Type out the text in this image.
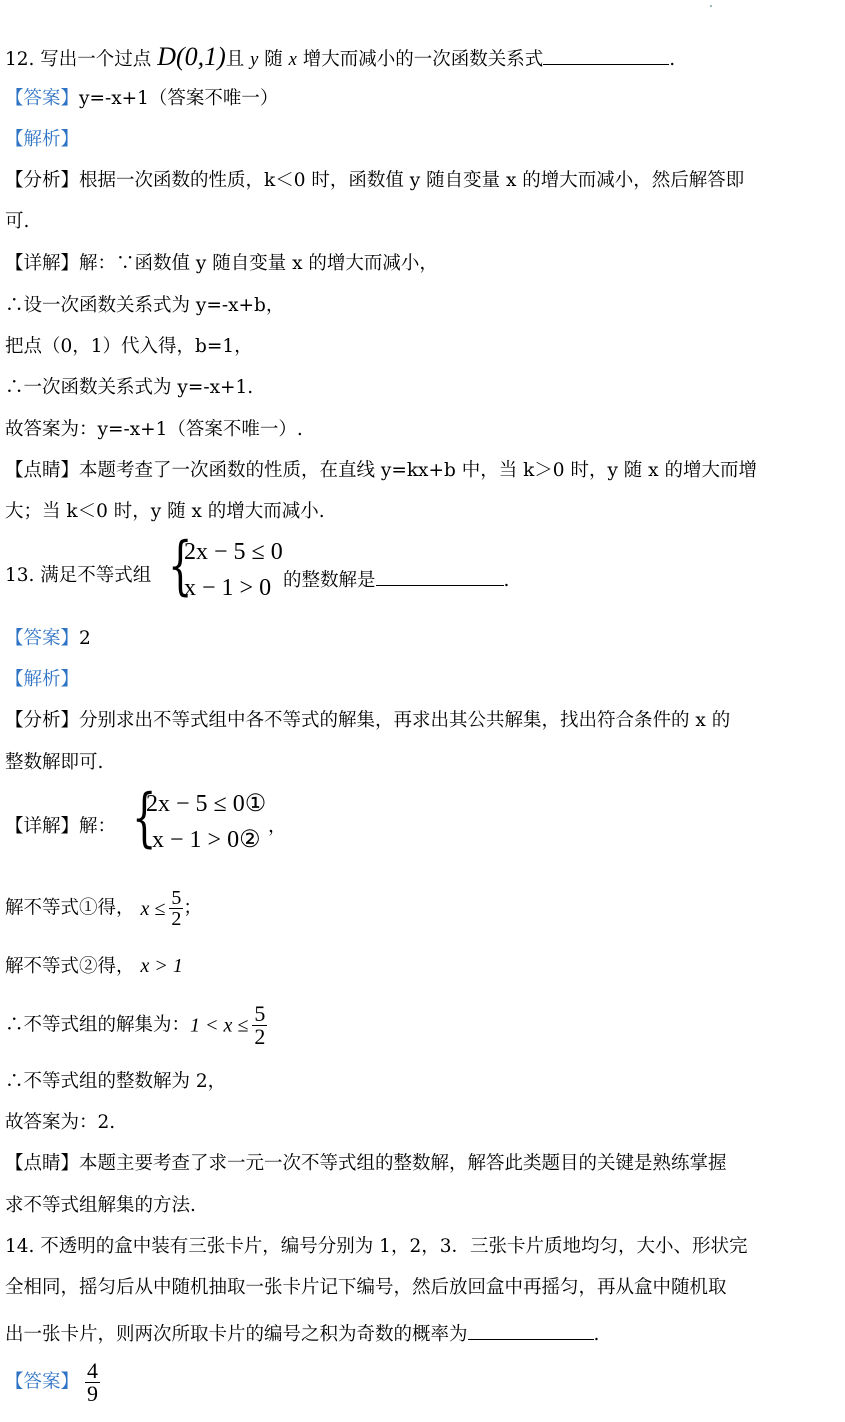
12. 写出一个过点 D(0,1)且 y 随 x 增大而减小的一次函数关系式	.
【答案】y=-x+1（答案不唯一）
【解析】
【分析】根据一次函数的性质，k＜0 时，函数值 y 随自变量 x 的增大而减小，然后解答即
可.
【详解】解：∵函数值 y 随自变量 x 的增大而减小，
∴设一次函数关系式为 y=-x+b，
把点（0，1）代入得，b=1，
∴一次函数关系式为 y=-x+1.
故答案为：y=-x+1（答案不唯一）.
【点睛】本题考查了一次函数的性质，在直线 y=kx+b 中，当 k＞0 时，y 随 x 的增大而增
大；当 k＜0 时，y 随 x 的增大而减小.
13. 满足不等式组 {
2x − 5 ≤ 0
x − 1 > 0 的整数解是	.
【答案】2
【解析】
【分析】分别求出不等式组中各不等式的解集，再求出其公共解集，找出符合条件的 x 的
整数解即可.
【详解】解： {
2x − 5 ≤ 0①
x − 1 > 0②
，
解不等式①得， $x \le \frac{5}{2}$ ；
解不等式②得， x > 1
∴不等式组的解集为：$1 < x \le \frac{5}{2}$
∴不等式组的整数解为 2，
故答案为：2.
【点睛】本题主要考查了求一元一次不等式组的整数解，解答此类题目的关键是熟练掌握
求不等式组解集的方法.
14. 不透明的盒中装有三张卡片，编号分别为 1，2，3．三张卡片质地均匀，大小、形状完
全相同，摇匀后从中随机抽取一张卡片记下编号，然后放回盒中再摇匀，再从盒中随机取
出一张卡片，则两次所取卡片的编号之积为奇数的概率为	.
【答案】 $\frac{4}{9}$
